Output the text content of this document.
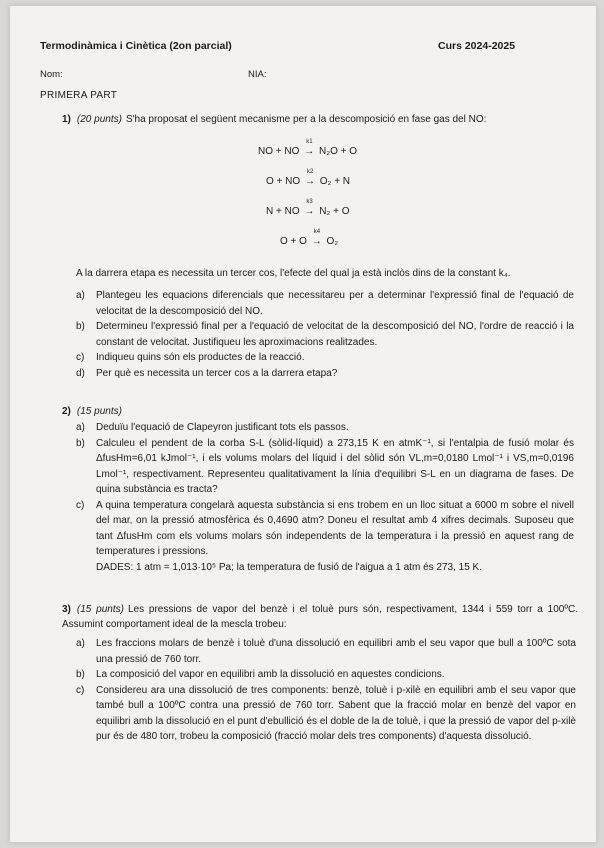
Termodinàmica i Cinètica (2on parcial)	Curs 2024-2025
Nom:	NIA:
PRIMERA PART
1) (20 punts) S'ha proposat el següent mecanisme per a la descomposició en fase gas del NO:
NO + NO
k1
→ N₂O + O
O + NO
k2
→ O₂ + N
N + NO
k3
→ N₂ + O
O + O
k4
→ O₂
A la darrera etapa es necessita un tercer cos, l'efecte del qual ja està inclòs dins de la constant k₄.
a) Plantegeu les equacions diferencials que necessitareu per a determinar l'expressió final de l'equació de velocitat de la descomposició del NO.
b) Determineu l'expressió final per a l'equació de velocitat de la descomposició del NO, l'ordre de reacció i la constant de velocitat. Justifiqueu les aproximacions realitzades.
c) Indiqueu quins són els productes de la reacció.
d) Per què es necessita un tercer cos a la darrera etapa?
2) (15 punts)
a) Deduïu l'equació de Clapeyron justificant tots els passos.
b) Calculeu el pendent de la corba S-L (sòlid-líquid) a 273,15 K en atmK⁻¹, si l'entalpia de fusió molar és ΔfusHm=6,01 kJmol⁻¹, i els volums molars del líquid i del sòlid són VL,m=0,0180 Lmol⁻¹ i VS,m=0,0196 Lmol⁻¹, respectivament. Representeu qualitativament la línia d'equilibri S-L en un diagrama de fases. De quina substància es tracta?
c) A quina temperatura congelarà aquesta substància si ens trobem en un lloc situat a 6000 m sobre el nivell del mar, on la pressió atmosfèrica és 0,4690 atm? Doneu el resultat amb 4 xifres decimals. Suposeu que tant ΔfusHm com els volums molars són independents de la temperatura i la pressió en aquest rang de temperatures i pressions.
DADES: 1 atm = 1,013·10⁵ Pa; la temperatura de fusió de l'aigua a 1 atm és 273, 15 K.
3) (15 punts) Les pressions de vapor del benzè i el toluè purs són, respectivament, 1344 i 559 torr a 100ºC. Assumint comportament ideal de la mescla trobeu:
a) Les fraccions molars de benzè i toluè d'una dissolució en equilibri amb el seu vapor que bull a 100ºC sota una pressió de 760 torr.
b) La composició del vapor en equilibri amb la dissolució en aquestes condicions.
c) Considereu ara una dissolució de tres components: benzè, toluè i p-xilè en equilibri amb el seu vapor que també bull a 100ºC contra una pressió de 760 torr. Sabent que la fracció molar en benzè del vapor en equilibri amb la dissolució en el punt d'ebullició és el doble de la de toluè, i que la pressió de vapor del p-xilè pur és de 480 torr, trobeu la composició (fracció molar dels tres components) d'aquesta dissolució.
